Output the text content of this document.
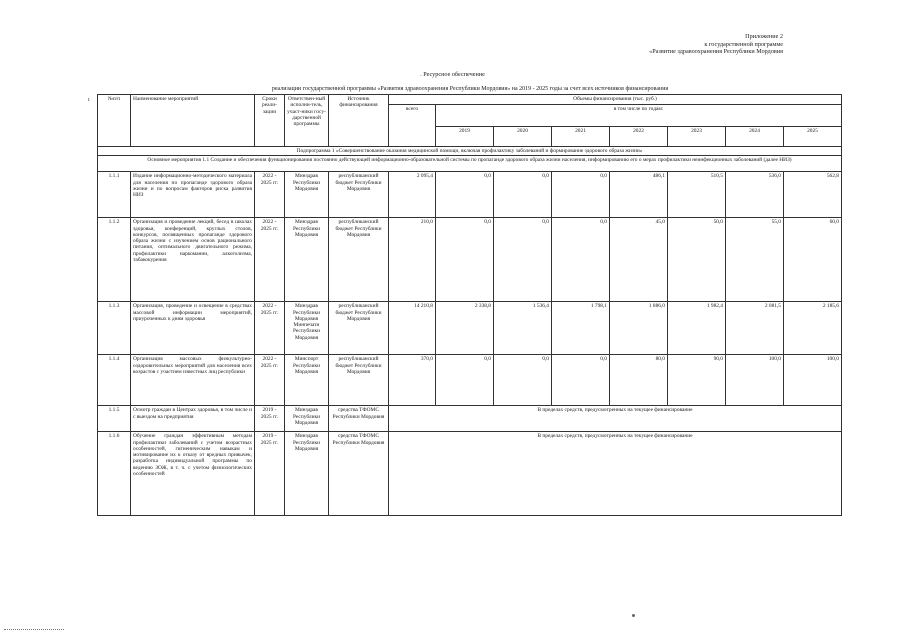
Приложение 2
к государственной программе
«Развитие здравоохранения Республики Мордовия
. Ресурсное обеспечение
реализации государственной программы «Развития здравоохранения Республики Мордовия» на 2019 - 2025 годы за счет всех источников финансирования
ı	№п/п	Наименование мероприятий	Сроки реали-зации	Ответствен-ный исполни-тель, участ-ники госу-дарственной программы	Источник финансирования	Объемы финансирования (тыс. руб.)							
					всего	в том числе по годам:						
						2019	2020	2021	2022	2023	2024	2025
Подпрограмма 1 «Совершенствование оказания медицинской помощи, включая профилактику заболеваний и формирование здорового образа жизни»												
Основное мероприятия 1.1 Создание и обеспечения функционирования постоянно действующей информационно-образовательной системы по пропаганде здорового образа жизни населения, информированию его о мерах профилактики неинфекционных заболеваний (далее НИЗ)												
1.1.1	Издание информационно-методического материала для населения по пропаганде здорового образа жизни и по вопросам факторов риска развития НИЗ	2022 - 2025 гг.	Минздрав Республики Мордовия	республиканский бюджет Республики Мордовия	2 095,4	0,0	0,0	0,0	486,1	510,5	536,0	562,8
1.1.2	Организация и проведение лекций, бесед в школах здоровья, конференций, круглых столов, конкурсов, посвященных пропаганде здорового образа жизни с изучением основ рационального питания, оптимального двигательного режима, профилактики наркомании, алкоголизма, табакокурения	2022 - 2025 гг.	Минздрав Республики Мордовия	республиканский бюджет Республики Мордовия	210,0	0,0	0,0	0,0	45,0	50,0	55,0	60,0
1.1.3	Организация, проведение и освещение в средствах массовой информации мероприятий, приуроченных к дням здоровья	2022 - 2025 гг.	Минздрав Республики Мордовия Минпечати Республики Мордовия	республиканский бюджет Республики Мордовия	14 210,8	2 338,8	1 536,4	1 798,1	1 886,0	1 982,4	2 081,5	2 185,6
1.1.4	Организация массовых физкультурно-оздоровительных мероприятий для населения всех возрастов с участием известных лиц республики	2022 - 2025 гг.	Минспорт Республики Мордовия	республиканский бюджет Республики Мордовия	370,0	0,0	0,0	0,0	80,0	90,0	100,0	100,0
1.1.5	Осмотр граждан в Центрах здоровья, в том числе и с выездом на предприятия	2019 - 2025 гг.	Минздрав Республики Мордовия	средства ТФОМС Республики Мордовия	В пределах средств, предусмотренных на текущее финансирование							
1.1.6	Обучение граждан эффективным методам профилактики заболеваний с учетом возрастных особенностей, гигиеническим навыкам и мотивирование их к отказу от вредных привычек, разработка индивидуальной программы по ведению ЗОЖ, в т. ч. с учетом физиологических особенностей	2019 - 2025 гг.	Минздрав Республики Мордовия	средства ТФОМС Республики Мордовия	В пределах средств, предусмотренных на текущее финансирование							
